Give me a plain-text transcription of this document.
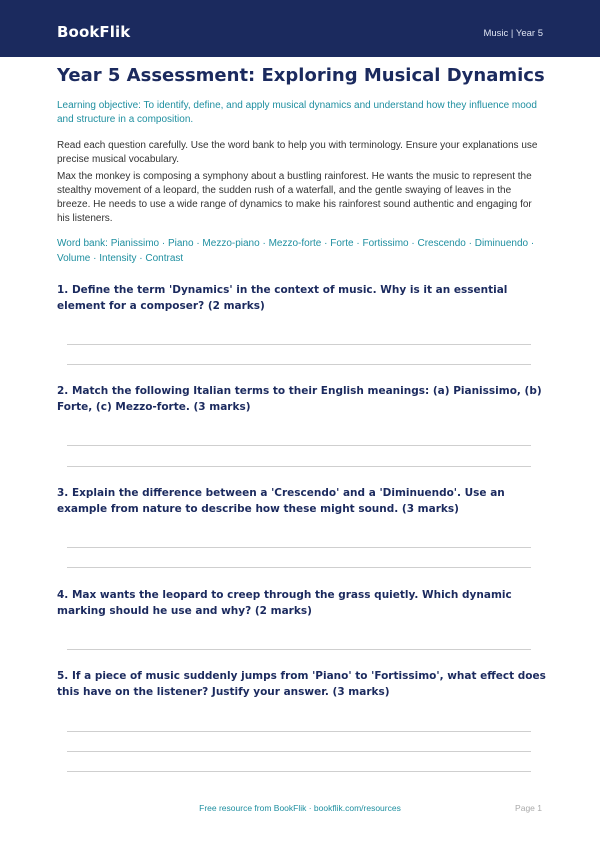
BookFlik	Music | Year 5
Year 5 Assessment: Exploring Musical Dynamics
Learning objective: To identify, define, and apply musical dynamics and understand how they influence mood and structure in a composition.
Read each question carefully. Use the word bank to help you with terminology. Ensure your explanations use precise musical vocabulary.
Max the monkey is composing a symphony about a bustling rainforest. He wants the music to represent the stealthy movement of a leopard, the sudden rush of a waterfall, and the gentle swaying of leaves in the breeze. He needs to use a wide range of dynamics to make his rainforest sound authentic and engaging for his listeners.
Word bank: Pianissimo · Piano · Mezzo-piano · Mezzo-forte · Forte · Fortissimo · Crescendo · Diminuendo · Volume · Intensity · Contrast
1. Define the term 'Dynamics' in the context of music. Why is it an essential element for a composer? (2 marks)
2. Match the following Italian terms to their English meanings: (a) Pianissimo, (b) Forte, (c) Mezzo-forte. (3 marks)
3. Explain the difference between a 'Crescendo' and a 'Diminuendo'. Use an example from nature to describe how these might sound. (3 marks)
4. Max wants the leopard to creep through the grass quietly. Which dynamic marking should he use and why? (2 marks)
5. If a piece of music suddenly jumps from 'Piano' to 'Fortissimo', what effect does this have on the listener? Justify your answer. (3 marks)
Free resource from BookFlik · bookflik.com/resources	Page 1
